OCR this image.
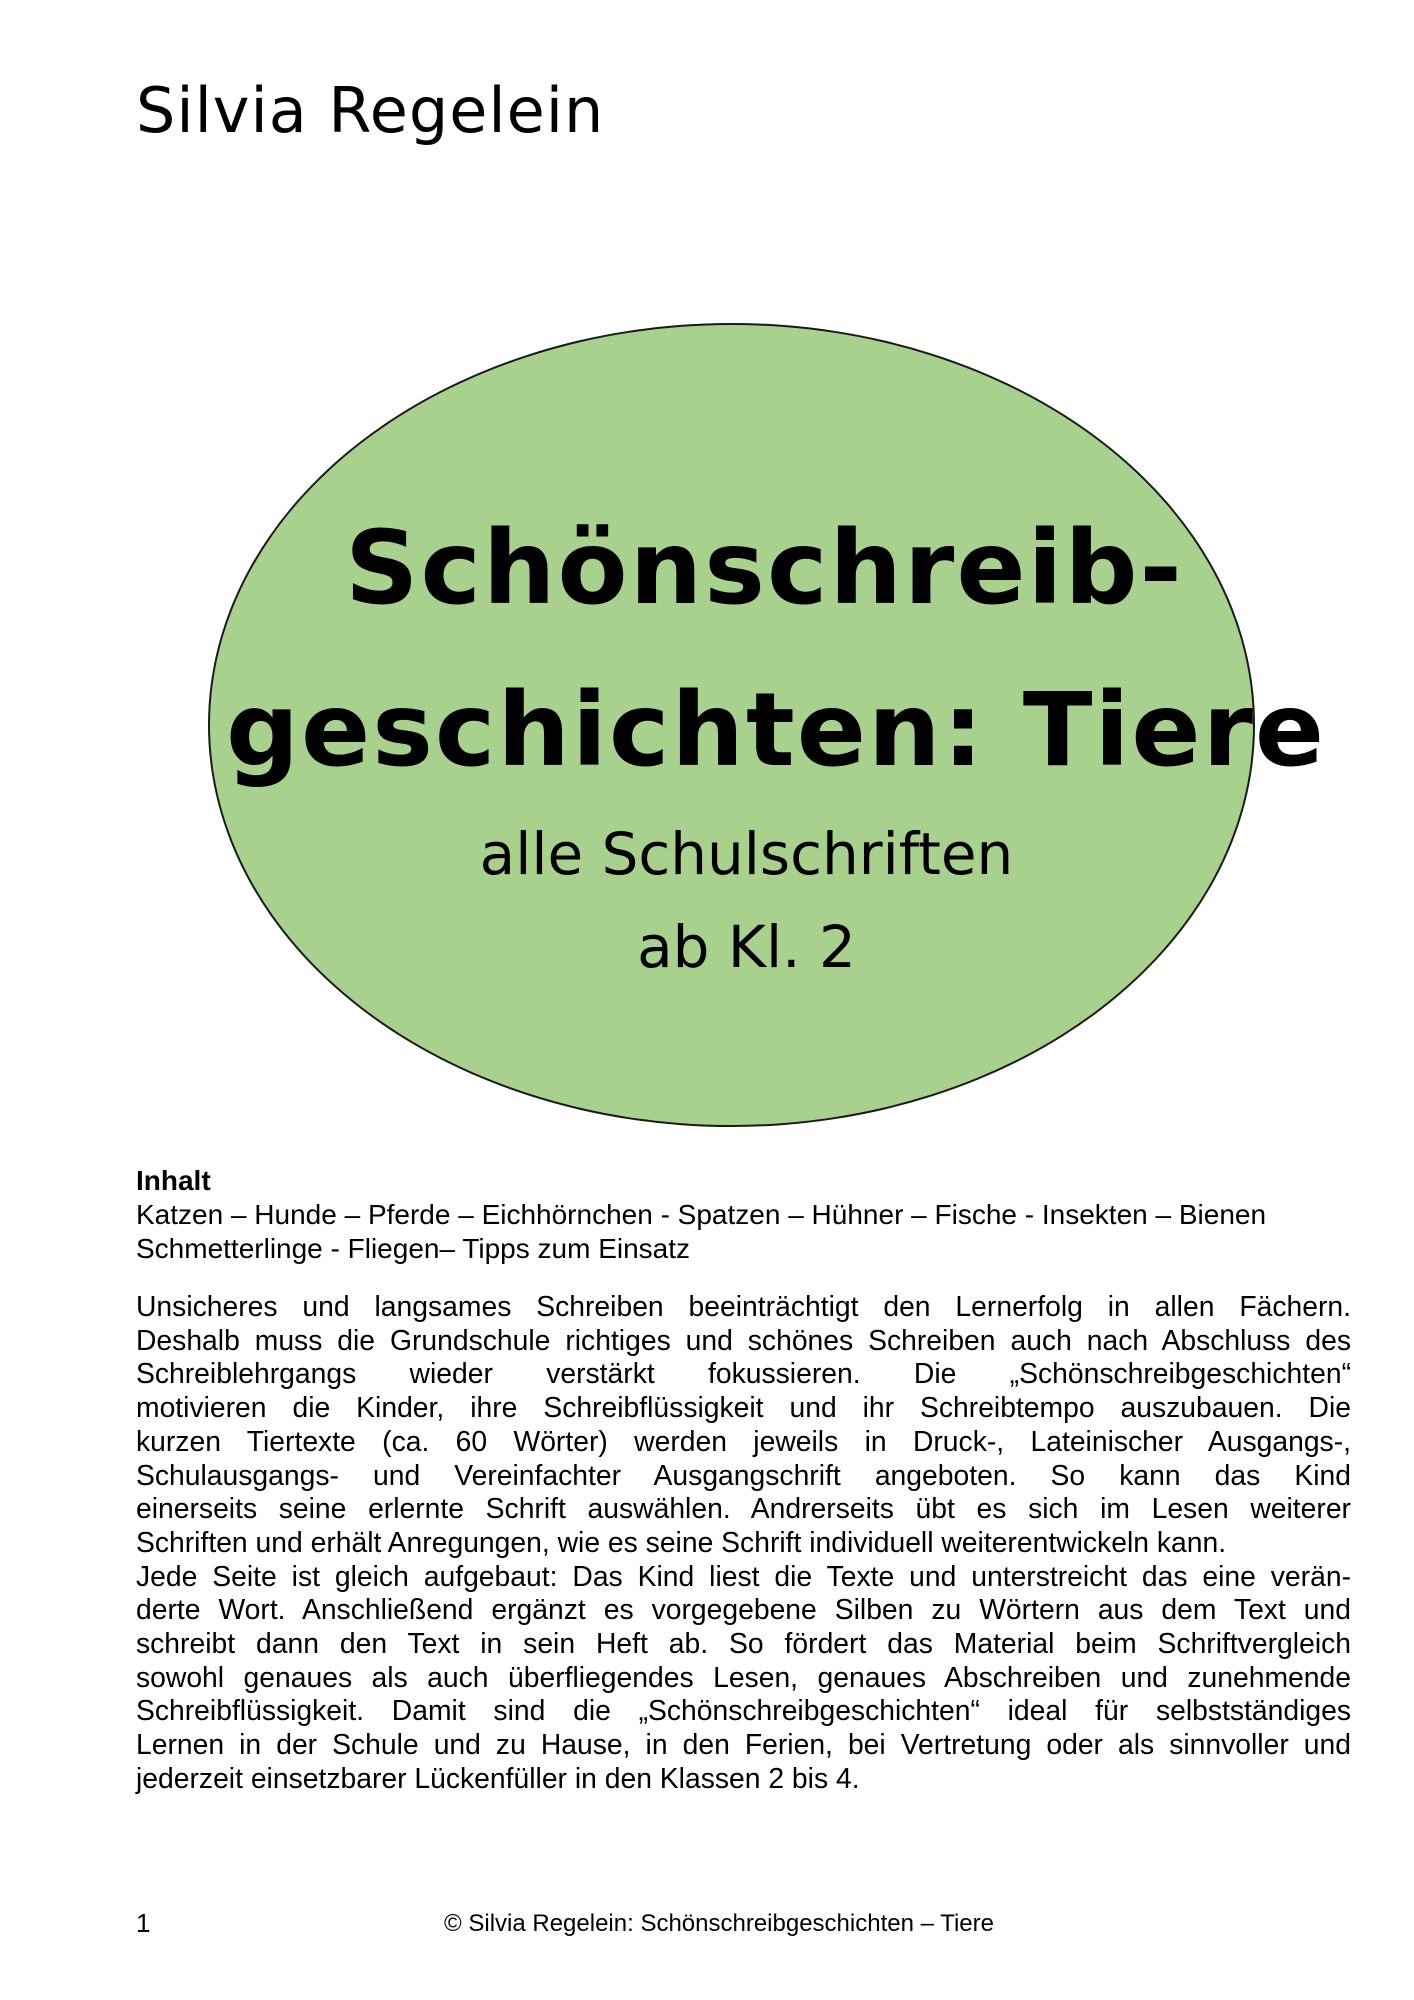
Silvia Regelein
Schönschreib-
geschichten: Tiere
alle Schulschriften
ab Kl. 2
Inhalt
Katzen – Hunde – Pferde – Eichhörnchen - Spatzen – Hühner – Fische - Insekten – Bienen
Schmetterlinge - Fliegen– Tipps zum Einsatz
Unsicheres und langsames Schreiben beeinträchtigt den Lernerfolg in allen Fächern.
Deshalb muss die Grundschule richtiges und schönes Schreiben auch nach Abschluss des
Schreiblehrgangs wieder verstärkt fokussieren. Die „Schönschreibgeschichten“
motivieren die Kinder, ihre Schreibflüssigkeit und ihr Schreibtempo auszubauen. Die
kurzen Tiertexte (ca. 60 Wörter) werden jeweils in Druck-, Lateinischer Ausgangs-,
Schulausgangs- und Vereinfachter Ausgangschrift angeboten. So kann das Kind
einerseits seine erlernte Schrift auswählen. Andrerseits übt es sich im Lesen weiterer
Schriften und erhält Anregungen, wie es seine Schrift individuell weiterentwickeln kann.
Jede Seite ist gleich aufgebaut: Das Kind liest die Texte und unterstreicht das eine verän-
derte Wort. Anschließend ergänzt es vorgegebene Silben zu Wörtern aus dem Text und
schreibt dann den Text in sein Heft ab. So fördert das Material beim Schriftvergleich
sowohl genaues als auch überfliegendes Lesen, genaues Abschreiben und zunehmende
Schreibflüssigkeit. Damit sind die „Schönschreibgeschichten“ ideal für selbstständiges
Lernen in der Schule und zu Hause, in den Ferien, bei Vertretung oder als sinnvoller und
jederzeit einsetzbarer Lückenfüller in den Klassen 2 bis 4.
1	© Silvia Regelein: Schönschreibgeschichten – Tiere
